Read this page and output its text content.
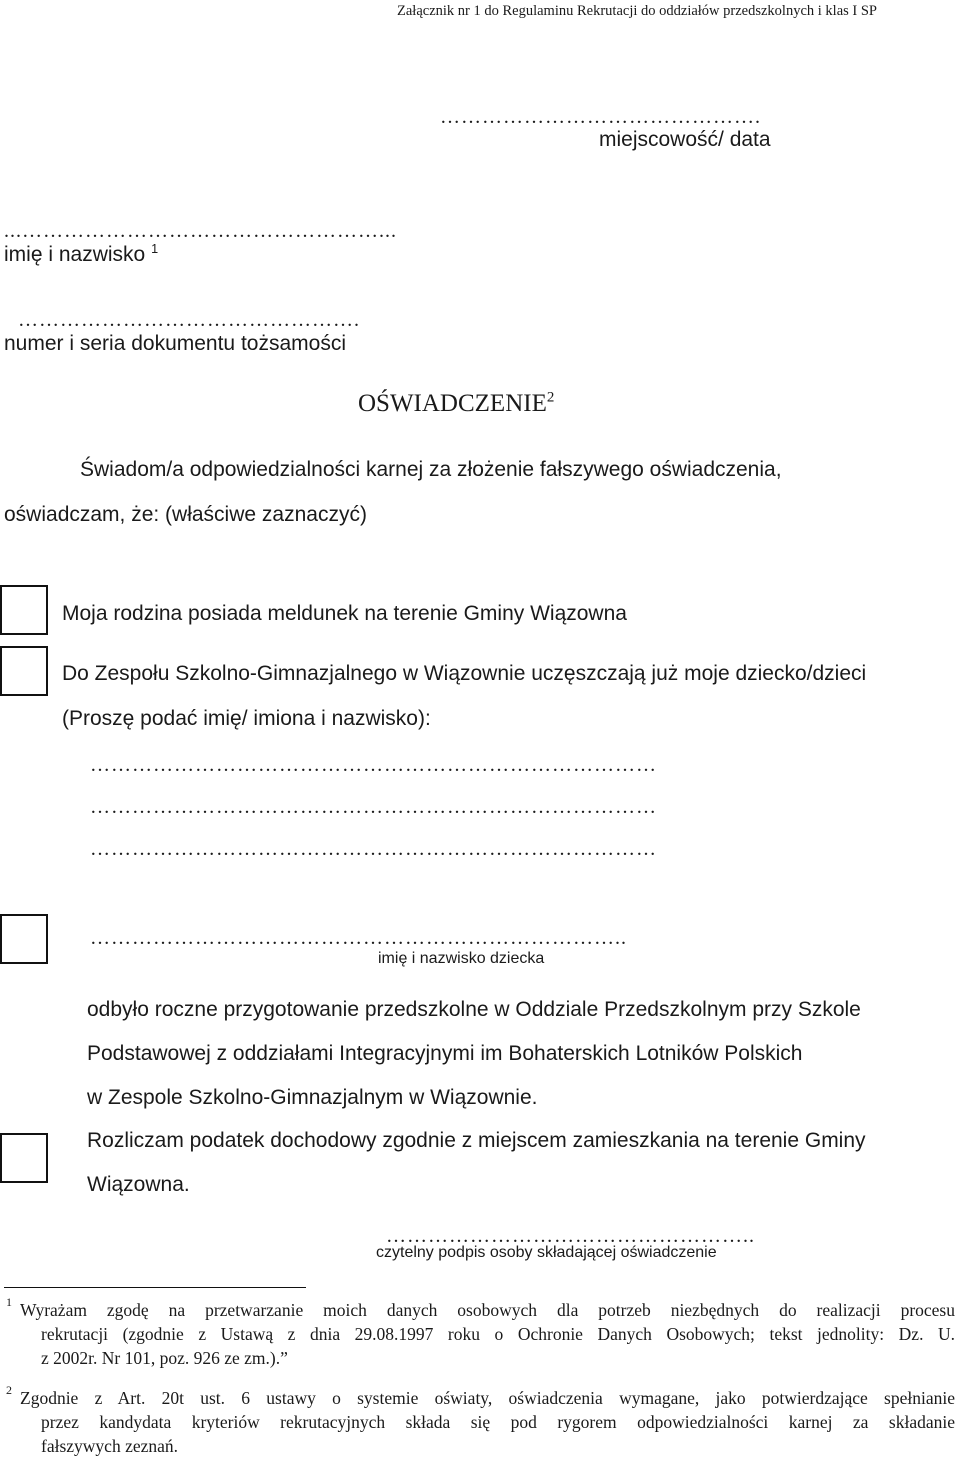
Załącznik nr 1 do Regulaminu Rekrutacji do oddziałów przedszkolnych i klas I SP
……………………………………….
miejscowość/ data
...……………………………………………...
imię i nazwisko $^1$
………………………………………….
numer i seria dokumentu tożsamości
OŚWIADCZENIE$^2$
Świadom/a odpowiedzialności karnej za złożenie fałszywego oświadczenia,
oświadczam, że: (właściwe zaznaczyć)
Moja rodzina posiada meldunek na terenie Gminy Wiązowna
Do Zespołu Szkolno-Gimnazjalnego w Wiązownie uczęszczają już moje dziecko/dzieci
(Proszę podać imię/ imiona i nazwisko):
………………………………………………………………………
………………………………………………………………………
………………………………………………………………………
…………………………………………………………………..
imię i nazwisko dziecka
odbyło roczne przygotowanie przedszkolne w Oddziale Przedszkolnym przy Szkole
Podstawowej z oddziałami Integracyjnymi im Bohaterskich Lotników Polskich
w Zespole Szkolno-Gimnazjalnym w Wiązownie.
Rozliczam podatek dochodowy zgodnie z miejscem zamieszkania na terenie Gminy
Wiązowna.
……………………………………………..
czytelny podpis osoby składającej oświadczenie
1 Wyrażam zgodę na przetwarzanie moich danych osobowych dla potrzeb niezbędnych do realizacji procesu
rekrutacji (zgodnie z Ustawą z dnia 29.08.1997 roku o Ochronie Danych Osobowych; tekst jednolity: Dz. U.
z 2002r. Nr 101, poz. 926 ze zm.).”
2 Zgodnie z Art. 20t ust. 6 ustawy o systemie oświaty, oświadczenia wymagane, jako potwierdzające spełnianie
przez kandydata kryteriów rekrutacyjnych składa się pod rygorem odpowiedzialności karnej za składanie
fałszywych zeznań.
